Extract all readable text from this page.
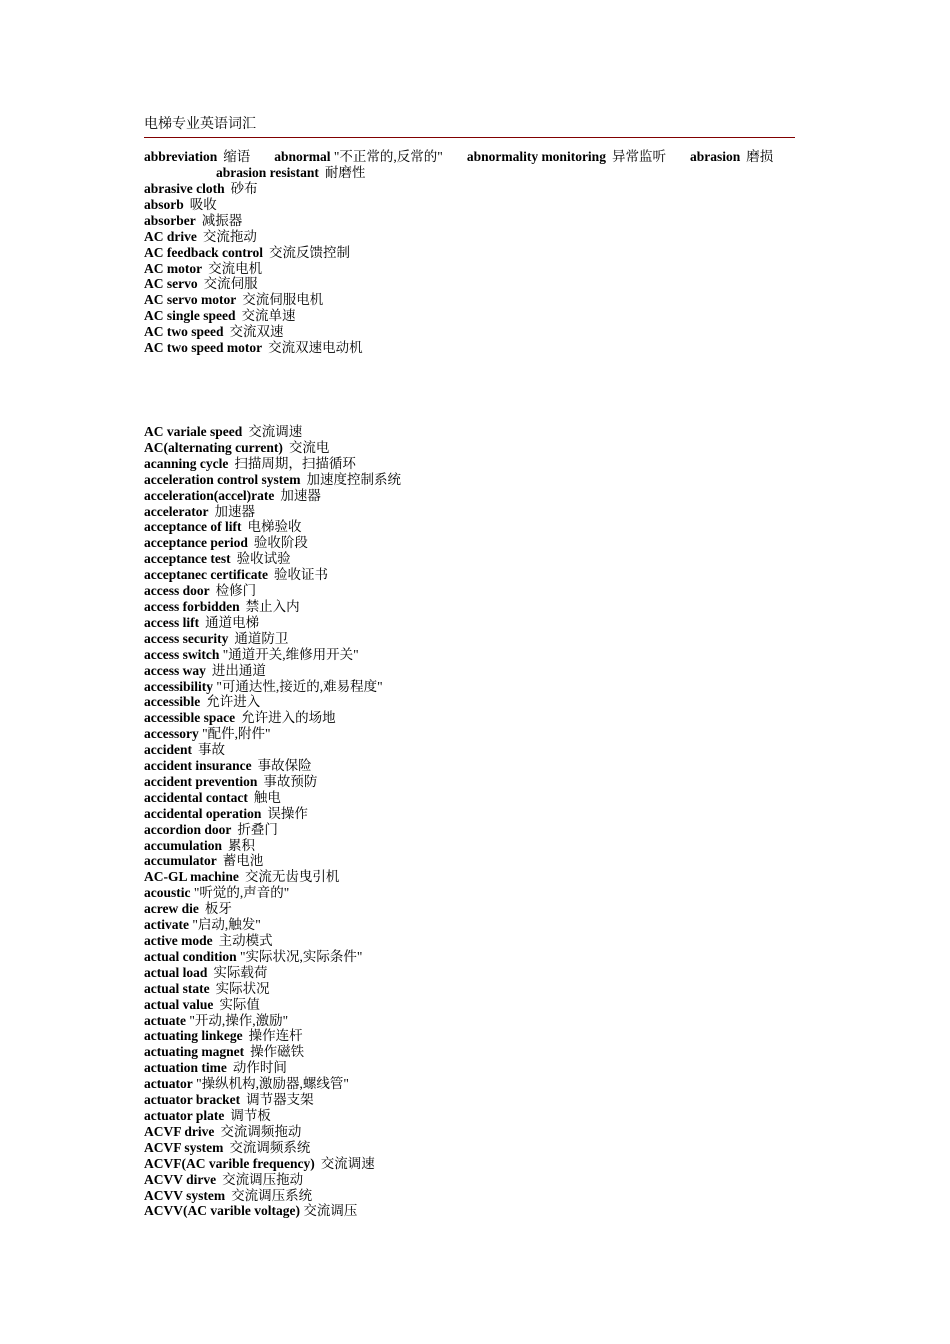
电梯专业英语词汇
abbreviation 缩语 abnormal "不正常的,反常的" abnormality monitoring 异常监听 abrasion 磨损abrasion resistant 耐磨性
abrasive cloth 砂布
absorb 吸收
absorber 减振器
AC drive 交流拖动
AC feedback control 交流反馈控制
AC motor 交流电机
AC servo 交流伺服
AC servo motor 交流伺服电机
AC single speed 交流单速
AC two speed 交流双速
AC two speed motor 交流双速电动机
AC variale speed 交流调速
AC(alternating current) 交流电
acanning cycle 扫描周期，扫描循环
acceleration control system 加速度控制系统
acceleration(accel)rate 加速器
accelerator 加速器
acceptance of lift 电梯验收
acceptance period 验收阶段
acceptance test 验收试验
acceptanec certificate 验收证书
access door 检修门
access forbidden 禁止入内
access lift 通道电梯
access security 通道防卫
access switch "通道开关,维修用开关"
access way 进出通道
accessibility "可通达性,接近的,难易程度"
accessible 允许进入
accessible space 允许进入的场地
accessory "配件,附件"
accident 事故
accident insurance 事故保险
accident prevention 事故预防
accidental contact 触电
accidental operation 误操作
accordion door 折叠门
accumulation 累积
accumulator 蓄电池
AC-GL machine 交流无齿曳引机
acoustic "听觉的,声音的"
acrew die 板牙
activate "启动,触发"
active mode 主动模式
actual condition "实际状况,实际条件"
actual load 实际载荷
actual state 实际状况
actual value 实际值
actuate "开动,操作,激励"
actuating linkege 操作连杆
actuating magnet 操作磁铁
actuation time 动作时间
actuator "操纵机构,激励器,螺线管"
actuator bracket 调节器支架
actuator plate 调节板
ACVF drive 交流调频拖动
ACVF system 交流调频系统
ACVF(AC varible frequency) 交流调速
ACVV dirve 交流调压拖动
ACVV system 交流调压系统
ACVV(AC varible voltage) 交流调压
